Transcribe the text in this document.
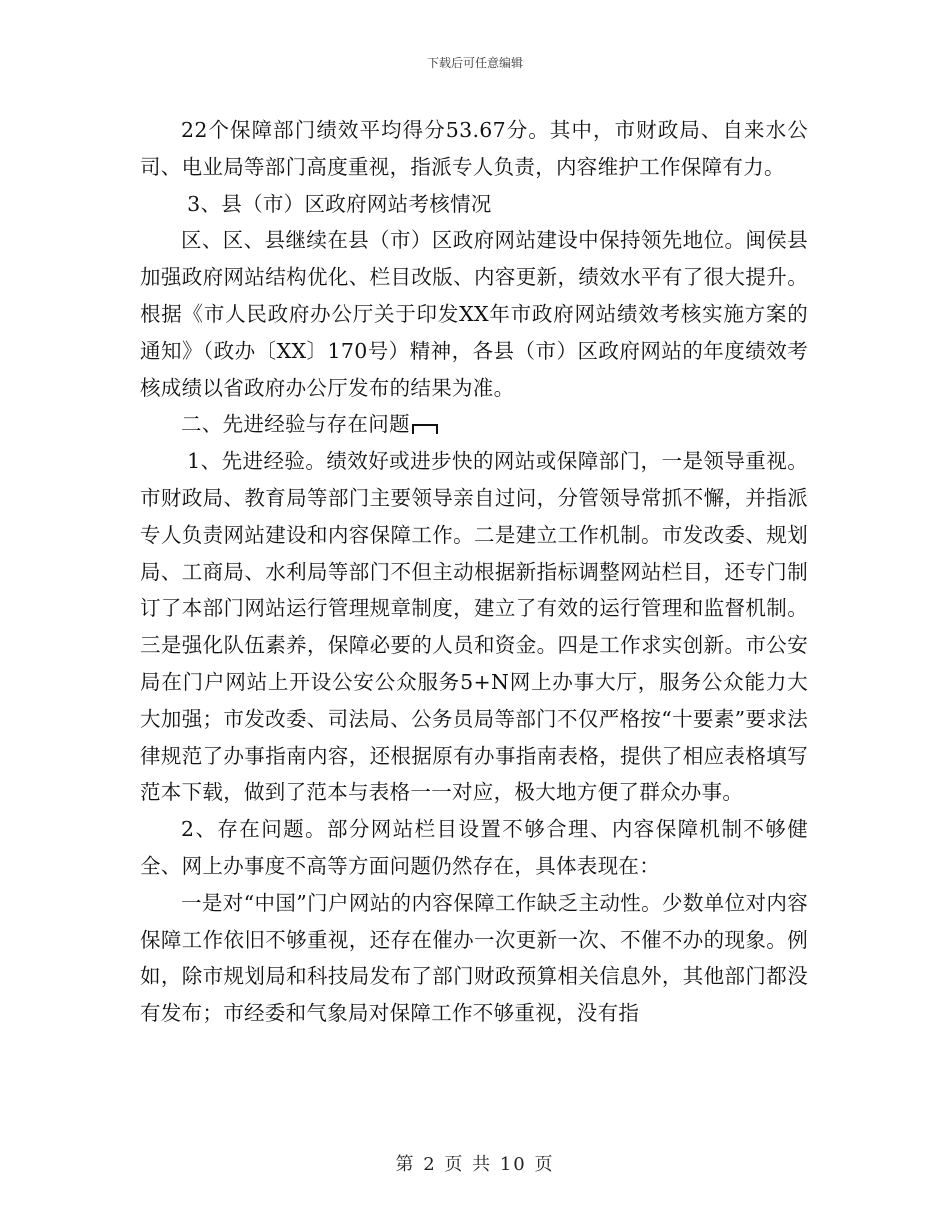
下载后可任意编辑

22个保障部门绩效平均得分53.67分。其中，市财政局、自来水公司、电业局等部门高度重视，指派专人负责，内容维护工作保障有力。

3、县（市）区政府网站考核情况

区、区、县继续在县（市）区政府网站建设中保持领先地位。闽侯县加强政府网站结构优化、栏目改版、内容更新，绩效水平有了很大提升。根据《市人民政府办公厅关于印发XX年市政府网站绩效考核实施方案的通知》（政办〔XX〕170号）精神，各县（市）区政府网站的年度绩效考核成绩以省政府办公厅发布的结果为准。

二、先进经验与存在问题

1、先进经验。绩效好或进步快的网站或保障部门，一是领导重视。市财政局、教育局等部门主要领导亲自过问，分管领导常抓不懈，并指派专人负责网站建设和内容保障工作。二是建立工作机制。市发改委、规划局、工商局、水利局等部门不但主动根据新指标调整网站栏目，还专门制订了本部门网站运行管理规章制度，建立了有效的运行管理和监督机制。三是强化队伍素养，保障必要的人员和资金。四是工作求实创新。市公安局在门户网站上开设公安公众服务5+N网上办事大厅，服务公众能力大大加强；市发改委、司法局、公务员局等部门不仅严格按“十要素”要求法律规范了办事指南内容，还根据原有办事指南表格，提供了相应表格填写范本下载，做到了范本与表格一一对应，极大地方便了群众办事。

2、存在问题。部分网站栏目设置不够合理、内容保障机制不够健全、网上办事度不高等方面问题仍然存在，具体表现在：

一是对“中国”门户网站的内容保障工作缺乏主动性。少数单位对内容保障工作依旧不够重视，还存在催办一次更新一次、不催不办的现象。例如，除市规划局和科技局发布了部门财政预算相关信息外，其他部门都没有发布；市经委和气象局对保障工作不够重视，没有指

第 2 页 共 10 页
